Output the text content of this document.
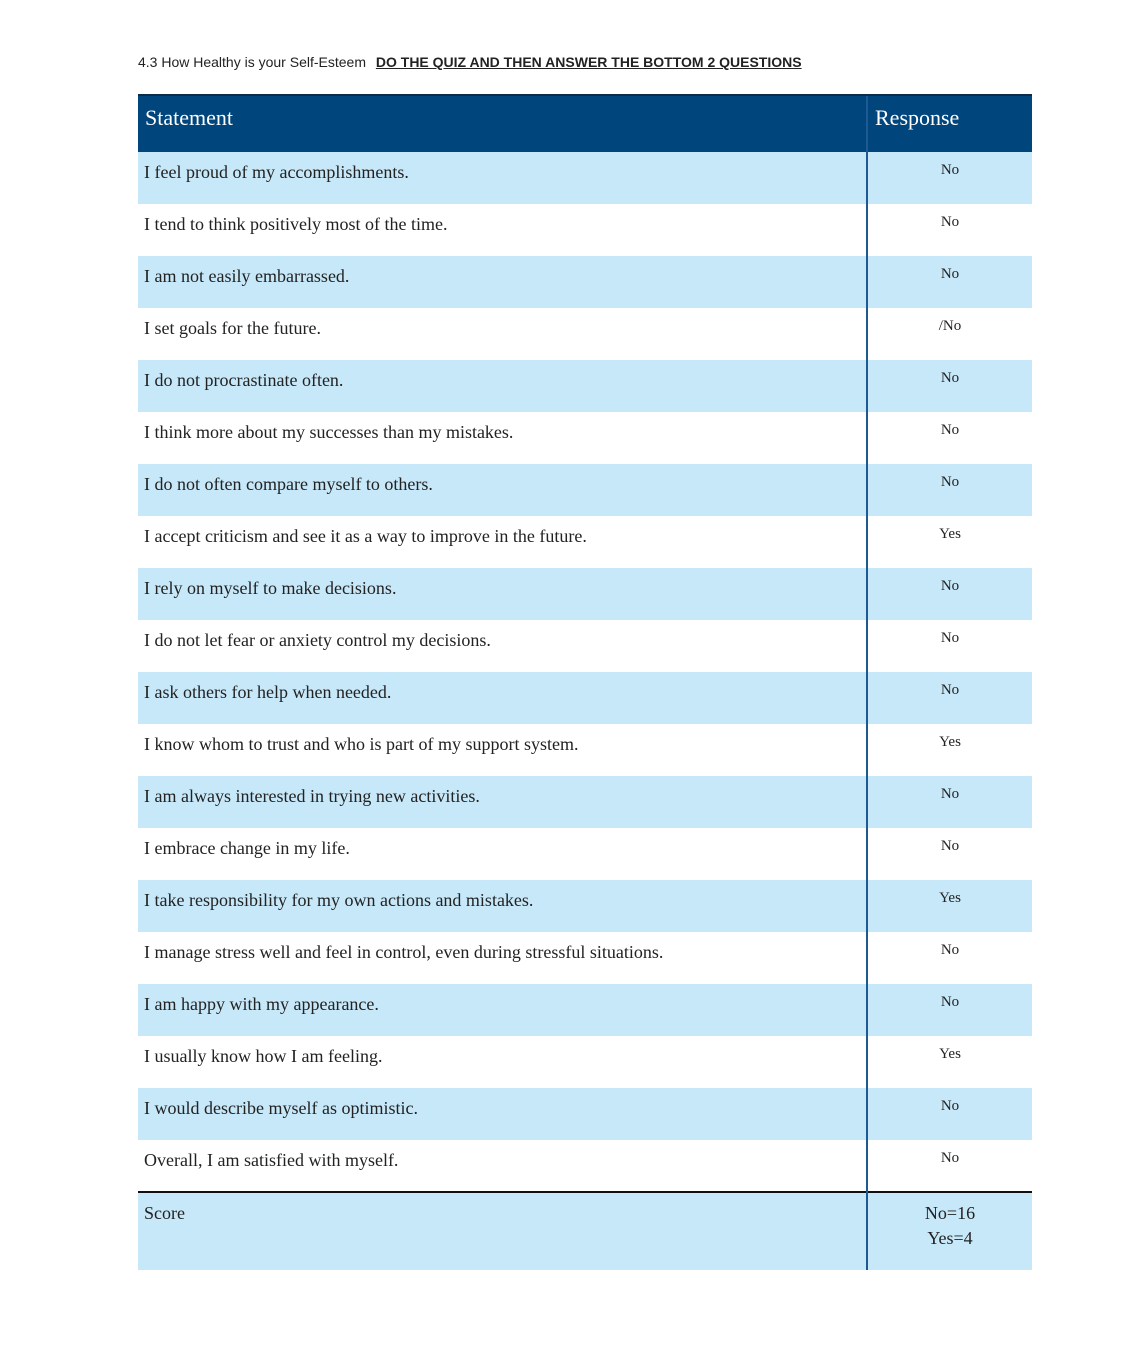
4.3 How Healthy is your Self-Esteem DO THE QUIZ AND THEN ANSWER THE BOTTOM 2 QUESTIONS
Statement	Response
I feel proud of my accomplishments.	No
I tend to think positively most of the time.	No
I am not easily embarrassed.	No
I set goals for the future.	/No
I do not procrastinate often.	No
I think more about my successes than my mistakes.	No
I do not often compare myself to others.	No
I accept criticism and see it as a way to improve in the future.	Yes
I rely on myself to make decisions.	No
I do not let fear or anxiety control my decisions.	No
I ask others for help when needed.	No
I know whom to trust and who is part of my support system.	Yes
I am always interested in trying new activities.	No
I embrace change in my life.	No
I take responsibility for my own actions and mistakes.	Yes
I manage stress well and feel in control, even during stressful situations.	No
I am happy with my appearance.	No
I usually know how I am feeling.	Yes
I would describe myself as optimistic.	No
Overall, I am satisfied with myself.	No
Score	No=16
Yes=4
